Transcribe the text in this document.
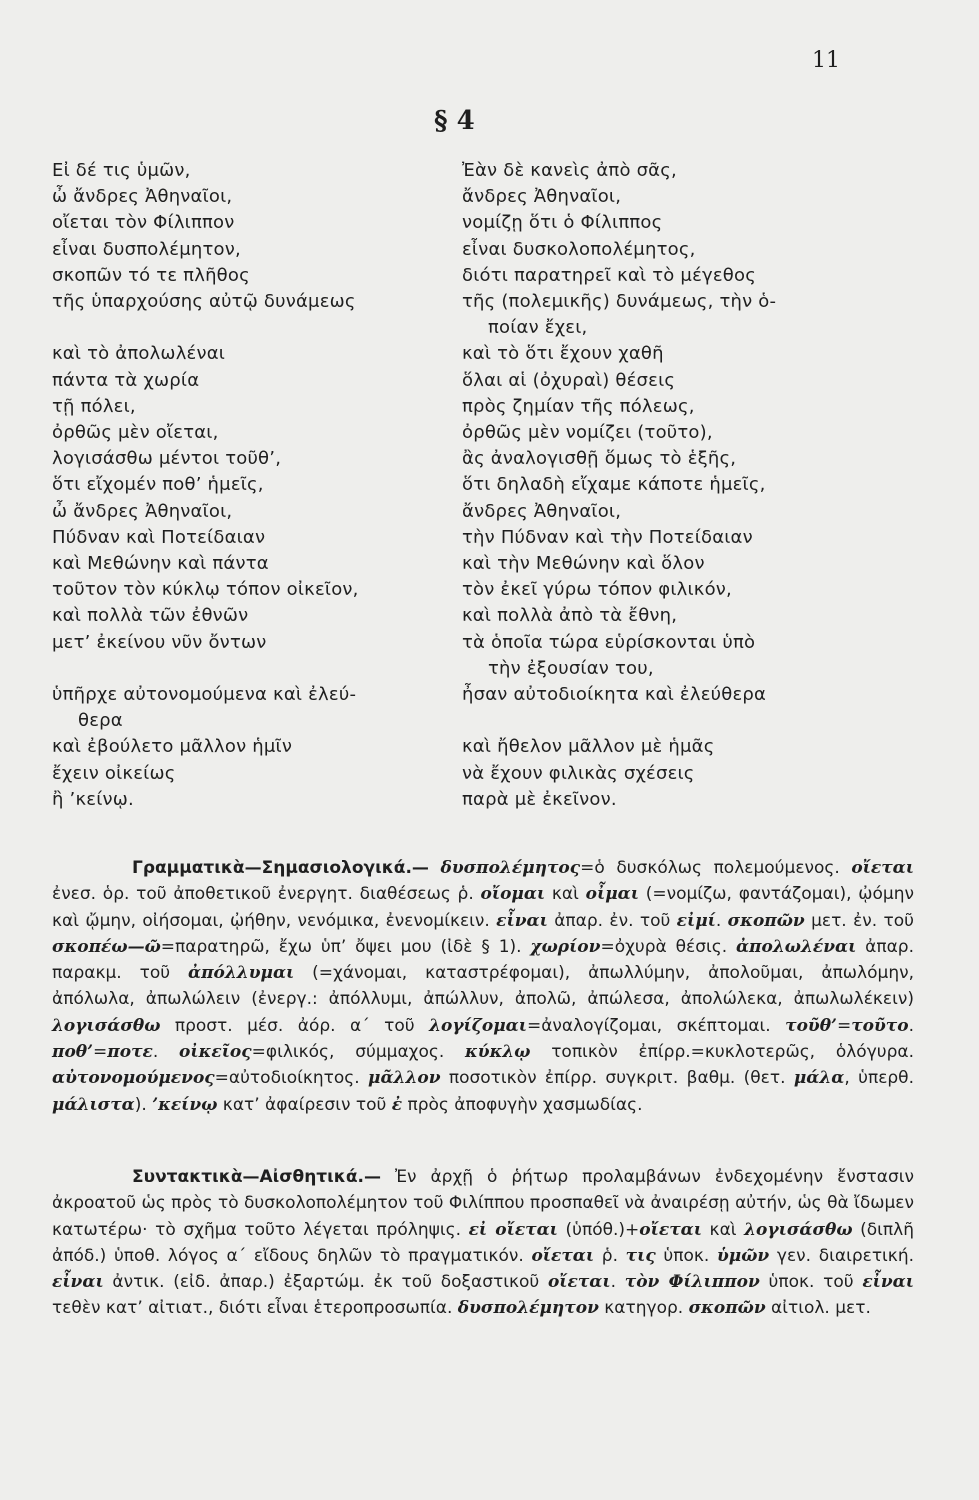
11
§ 4
Εἰ δέ τις ὑμῶν,
ὦ ἄνδρες Ἀθηναῖοι,
οἴεται τὸν Φίλιππον
εἶναι δυσπολέμητον,
σκοπῶν τό τε πλῆθος
τῆς ὑπαρχούσης αὐτῷ δυνάμεως

καὶ τὸ ἀπολωλέναι
πάντα τὰ χωρία
τῇ πόλει,
ὀρθῶς μὲν οἴεται,
λογισάσθω μέντοι τοῦθ’,
ὅτι εἴχομέν ποθ’ ἡμεῖς,
ὦ ἄνδρες Ἀθηναῖοι,
Πύδναν καὶ Ποτείδαιαν
καὶ Μεθώνην καὶ πάντα
τοῦτον τὸν κύκλῳ τόπον οἰκεῖον,
καὶ πολλὰ τῶν ἐθνῶν
μετ’ ἐκείνου νῦν ὄντων

ὑπῆρχε αὐτονομούμενα καὶ ἐλεύ-
θερα
καὶ ἐβούλετο μᾶλλον ἡμῖν
ἔχειν οἰκείως
ἢ ’κείνῳ.
Ἐὰν δὲ κανεὶς ἀπὸ σᾶς,
ἄνδρες Ἀθηναῖοι,
νομίζῃ ὅτι ὁ Φίλιππος
εἶναι δυσκολοπολέμητος,
διότι παρατηρεῖ καὶ τὸ μέγεθος
τῆς (πολεμικῆς) δυνάμεως, τὴν ὁ-
ποίαν ἔχει,
καὶ τὸ ὅτι ἔχουν χαθῆ
ὅλαι αἱ (ὀχυραὶ) θέσεις
πρὸς ζημίαν τῆς πόλεως,
ὀρθῶς μὲν νομίζει (τοῦτο),
ἂς ἀναλογισθῇ ὅμως τὸ ἑξῆς,
ὅτι δηλαδὴ εἴχαμε κάποτε ἡμεῖς,
ἄνδρες Ἀθηναῖοι,
τὴν Πύδναν καὶ τὴν Ποτείδαιαν
καὶ τὴν Μεθώνην καὶ ὅλον
τὸν ἐκεῖ γύρω τόπον φιλικόν,
καὶ πολλὰ ἀπὸ τὰ ἔθνη,
τὰ ὁποῖα τώρα εὑρίσκονται ὑπὸ
τὴν ἐξουσίαν του,
ἦσαν αὐτοδιοίκητα καὶ ἐλεύθερα

καὶ ἤθελον μᾶλλον μὲ ἡμᾶς
νὰ ἔχουν φιλικὰς σχέσεις
παρὰ μὲ ἐκεῖνον.

Γραμματικὰ—Σημασιολογικά.— δυσπολέμητος=ὁ δυσκόλως πολεμούμενος. οἴεται ἐνεσ. ὁρ. τοῦ ἀποθετικοῦ ἐνεργητ. διαθέσεως ῥ. οἴομαι καὶ οἶμαι (=νομίζω, φαντάζομαι), ᾠόμην καὶ ᾤμην, οἰήσομαι, ᾠήθην, νενόμικα, ἐνενομίκειν. εἶναι ἀπαρ. ἐν. τοῦ εἰμί. σκοπῶν μετ. ἐν. τοῦ σκοπέω—ῶ=παρατηρῶ, ἔχω ὑπ’ ὄψει μου (ἰδὲ § 1). χωρίον=ὀχυρὰ θέσις. ἀπολωλέναι ἀπαρ. παρακμ. τοῦ ἀπόλλυμαι (=χάνομαι, καταστρέφομαι), ἀπωλλύμην, ἀπολοῦμαι, ἀπωλόμην, ἀπόλωλα, ἀπωλώλειν (ἐνεργ.: ἀπόλλυμι, ἀπώλλυν, ἀπολῶ, ἀπώλεσα, ἀπολώλεκα, ἀπωλωλέκειν) λογισάσθω προστ. μέσ. ἀόρ. α΄ τοῦ λογίζομαι=ἀναλογίζομαι, σκέπτομαι. τοῦθ’=τοῦτο. ποθ’=ποτε. οἰκεῖος=φιλικός, σύμμαχος. κύκλῳ τοπικὸν ἐπίρρ.=κυκλοτερῶς, ὁλόγυρα. αὐτονομούμενος=αὐτοδιοίκητος. μᾶλλον ποσοτικὸν ἐπίρρ. συγκριτ. βαθμ. (θετ. μάλα, ὑπερθ. μάλιστα). ’κείνῳ κατ’ ἀφαίρεσιν τοῦ ἐ πρὸς ἀποφυγὴν χασμωδίας.

Συντακτικὰ—Αἰσθητικά.— Ἐν ἀρχῇ ὁ ῥήτωρ προλαμβάνων ἐνδεχομένην ἔνστασιν ἀκροατοῦ ὡς πρὸς τὸ δυσκολοπολέμητον τοῦ Φιλίππου προσπαθεῖ νὰ ἀναιρέσῃ αὐτήν, ὡς θὰ ἴδωμεν κατωτέρω· τὸ σχῆμα τοῦτο λέγεται πρόληψις. εἰ οἴεται (ὑπόθ.)+οἴεται καὶ λογισάσθω (διπλῆ ἀπόδ.) ὑποθ. λόγος α΄ εἴδους δηλῶν τὸ πραγματικόν. οἴεται ῥ. τις ὑποκ. ὑμῶν γεν. διαιρετική. εἶναι ἀντικ. (εἰδ. ἀπαρ.) ἐξαρτώμ. ἐκ τοῦ δοξαστικοῦ οἴεται. τὸν Φίλιππον ὑποκ. τοῦ εἶναι τεθὲν κατ’ αἰτιατ., διότι εἶναι ἑτεροπροσωπία. δυσπολέμητον κατηγορ. σκοπῶν αἰτιολ. μετ.
